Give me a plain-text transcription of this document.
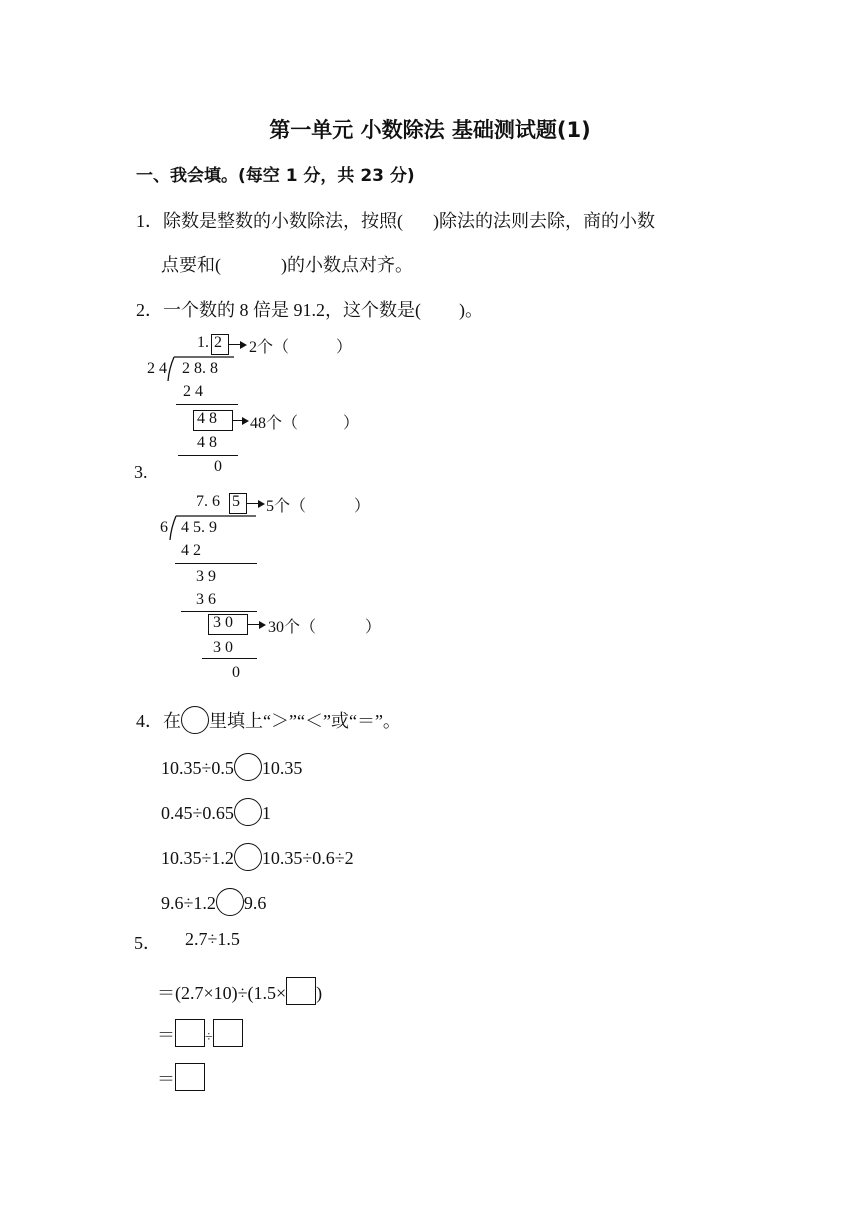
第一单元 小数除法 基础测试题(1)
一、我会填。(每空 1 分，共 23 分)
1．除数是整数的小数除法，按照( )除法的法则去除，商的小数
点要和(	)的小数点对齐。
2．一个数的 8 倍是 91.2，这个数是( )。
3.
1. 2 2个（	）
2 4 2 8. 8
2 4
4 8 48个（	）
4 8
0
7. 6 5 5个（	）
6 4 5. 9
4 2
3 9
3 6
3 0 30个（	）
3 0
0
4．在 里填上“＞”“＜”或“＝”。
10.35÷0.5 10.35
0.45÷0.65 1
10.35÷1.2 10.35÷0.6÷2
9.6÷1.2 9.6
5． 2.7÷1.5
＝(2.7×10)÷(1.5× )
＝ ÷
＝
